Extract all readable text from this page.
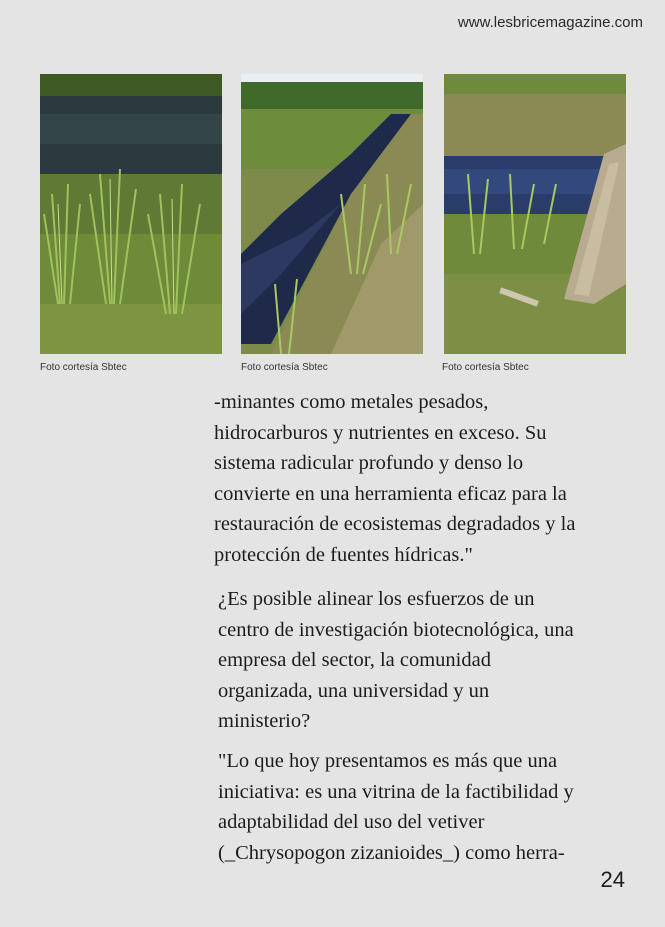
www.lesbricemagazine.com
Foto cortesía Sbtec	Foto cortesía Sbtec	Foto cortesía Sbtec

-minantes como metales pesados,
hidrocarburos y nutrientes en exceso. Su
sistema radicular profundo y denso lo
convierte en una herramienta eficaz para la
restauración de ecosistemas degradados y la
protección de fuentes hídricas."

¿Es posible alinear los esfuerzos de un
centro de investigación biotecnológica, una
empresa del sector, la comunidad
organizada, una universidad y un
ministerio?

"Lo que hoy presentamos es más que una
iniciativa: es una vitrina de la factibilidad y
adaptabilidad del uso del vetiver
(_Chrysopogon zizanioides_) como herra-

24
